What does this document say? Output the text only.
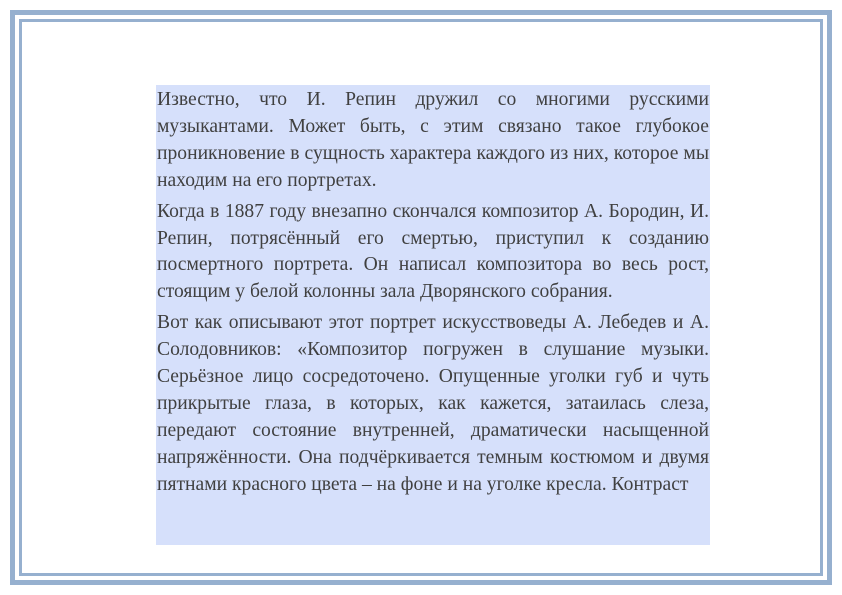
Известно, что И. Репин дружил со многими русскими музыкантами. Может быть, с этим связано такое глубокое проникновение в сущность характера каждого из них, которое мы находим на его портретах.

Когда в 1887 году внезапно скончался композитор А. Бородин, И. Репин, потрясённый его смертью, приступил к созданию посмертного портрета. Он написал композитора во весь рост, стоящим у белой колонны зала Дворянского собрания.

Вот как описывают этот портрет искусствоведы А. Лебедев и А. Солодовников: «Композитор погружен в слушание музыки. Серьёзное лицо сосредоточено. Опущенные уголки губ и чуть прикрытые глаза, в которых, как кажется, затаилась слеза, передают состояние внутренней, драматически насыщенной напряжённости. Она подчёркивается темным костюмом и двумя пятнами красного цвета – на фоне и на уголке кресла. Контраст
